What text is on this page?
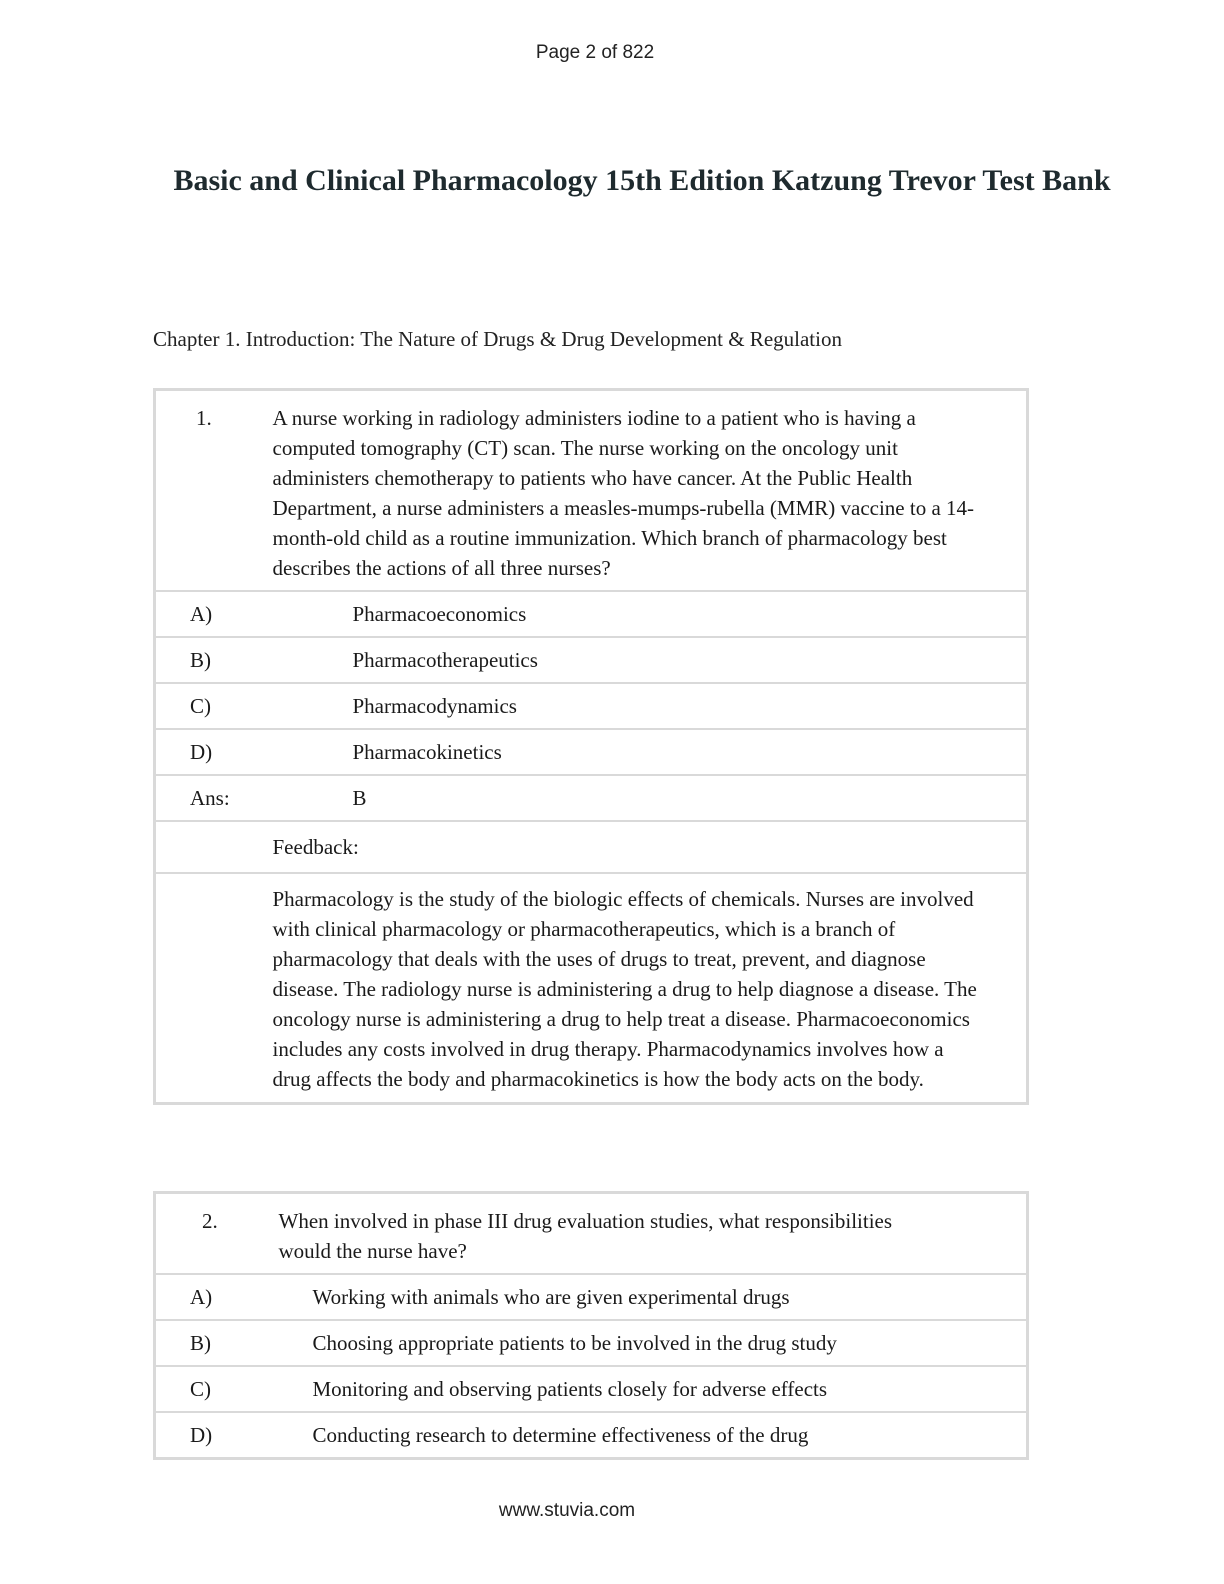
Page 2 of 822
Basic and Clinical Pharmacology 15th Edition Katzung Trevor Test Bank

Chapter 1. Introduction: The Nature of Drugs & Drug Development & Regulation

1.	A nurse working in radiology administers iodine to a patient who is having a computed tomography (CT) scan. The nurse working on the oncology unit administers chemotherapy to patients who have cancer. At the Public Health Department, a nurse administers a measles-mumps-rubella (MMR) vaccine to a 14-month-old child as a routine immunization. Which branch of pharmacology best describes the actions of all three nurses?	
A)		Pharmacoeconomics
B)		Pharmacotherapeutics
C)		Pharmacodynamics
D)		Pharmacokinetics
Ans:		B
	Feedback:	
	Pharmacology is the study of the biologic effects of chemicals. Nurses are involved with clinical pharmacology or pharmacotherapeutics, which is a branch of pharmacology that deals with the uses of drugs to treat, prevent, and diagnose disease. The radiology nurse is administering a drug to help diagnose a disease. The oncology nurse is administering a drug to help treat a disease. Pharmacoeconomics includes any costs involved in drug therapy. Pharmacodynamics involves how a drug affects the body and pharmacokinetics is how the body acts on the body.	
2.	When involved in phase III drug evaluation studies, what responsibilities would the nurse have?
A)	Working with animals who are given experimental drugs
B)	Choosing appropriate patients to be involved in the drug study
C)	Monitoring and observing patients closely for adverse effects
D)	Conducting research to determine effectiveness of the drug
www.stuvia.com
